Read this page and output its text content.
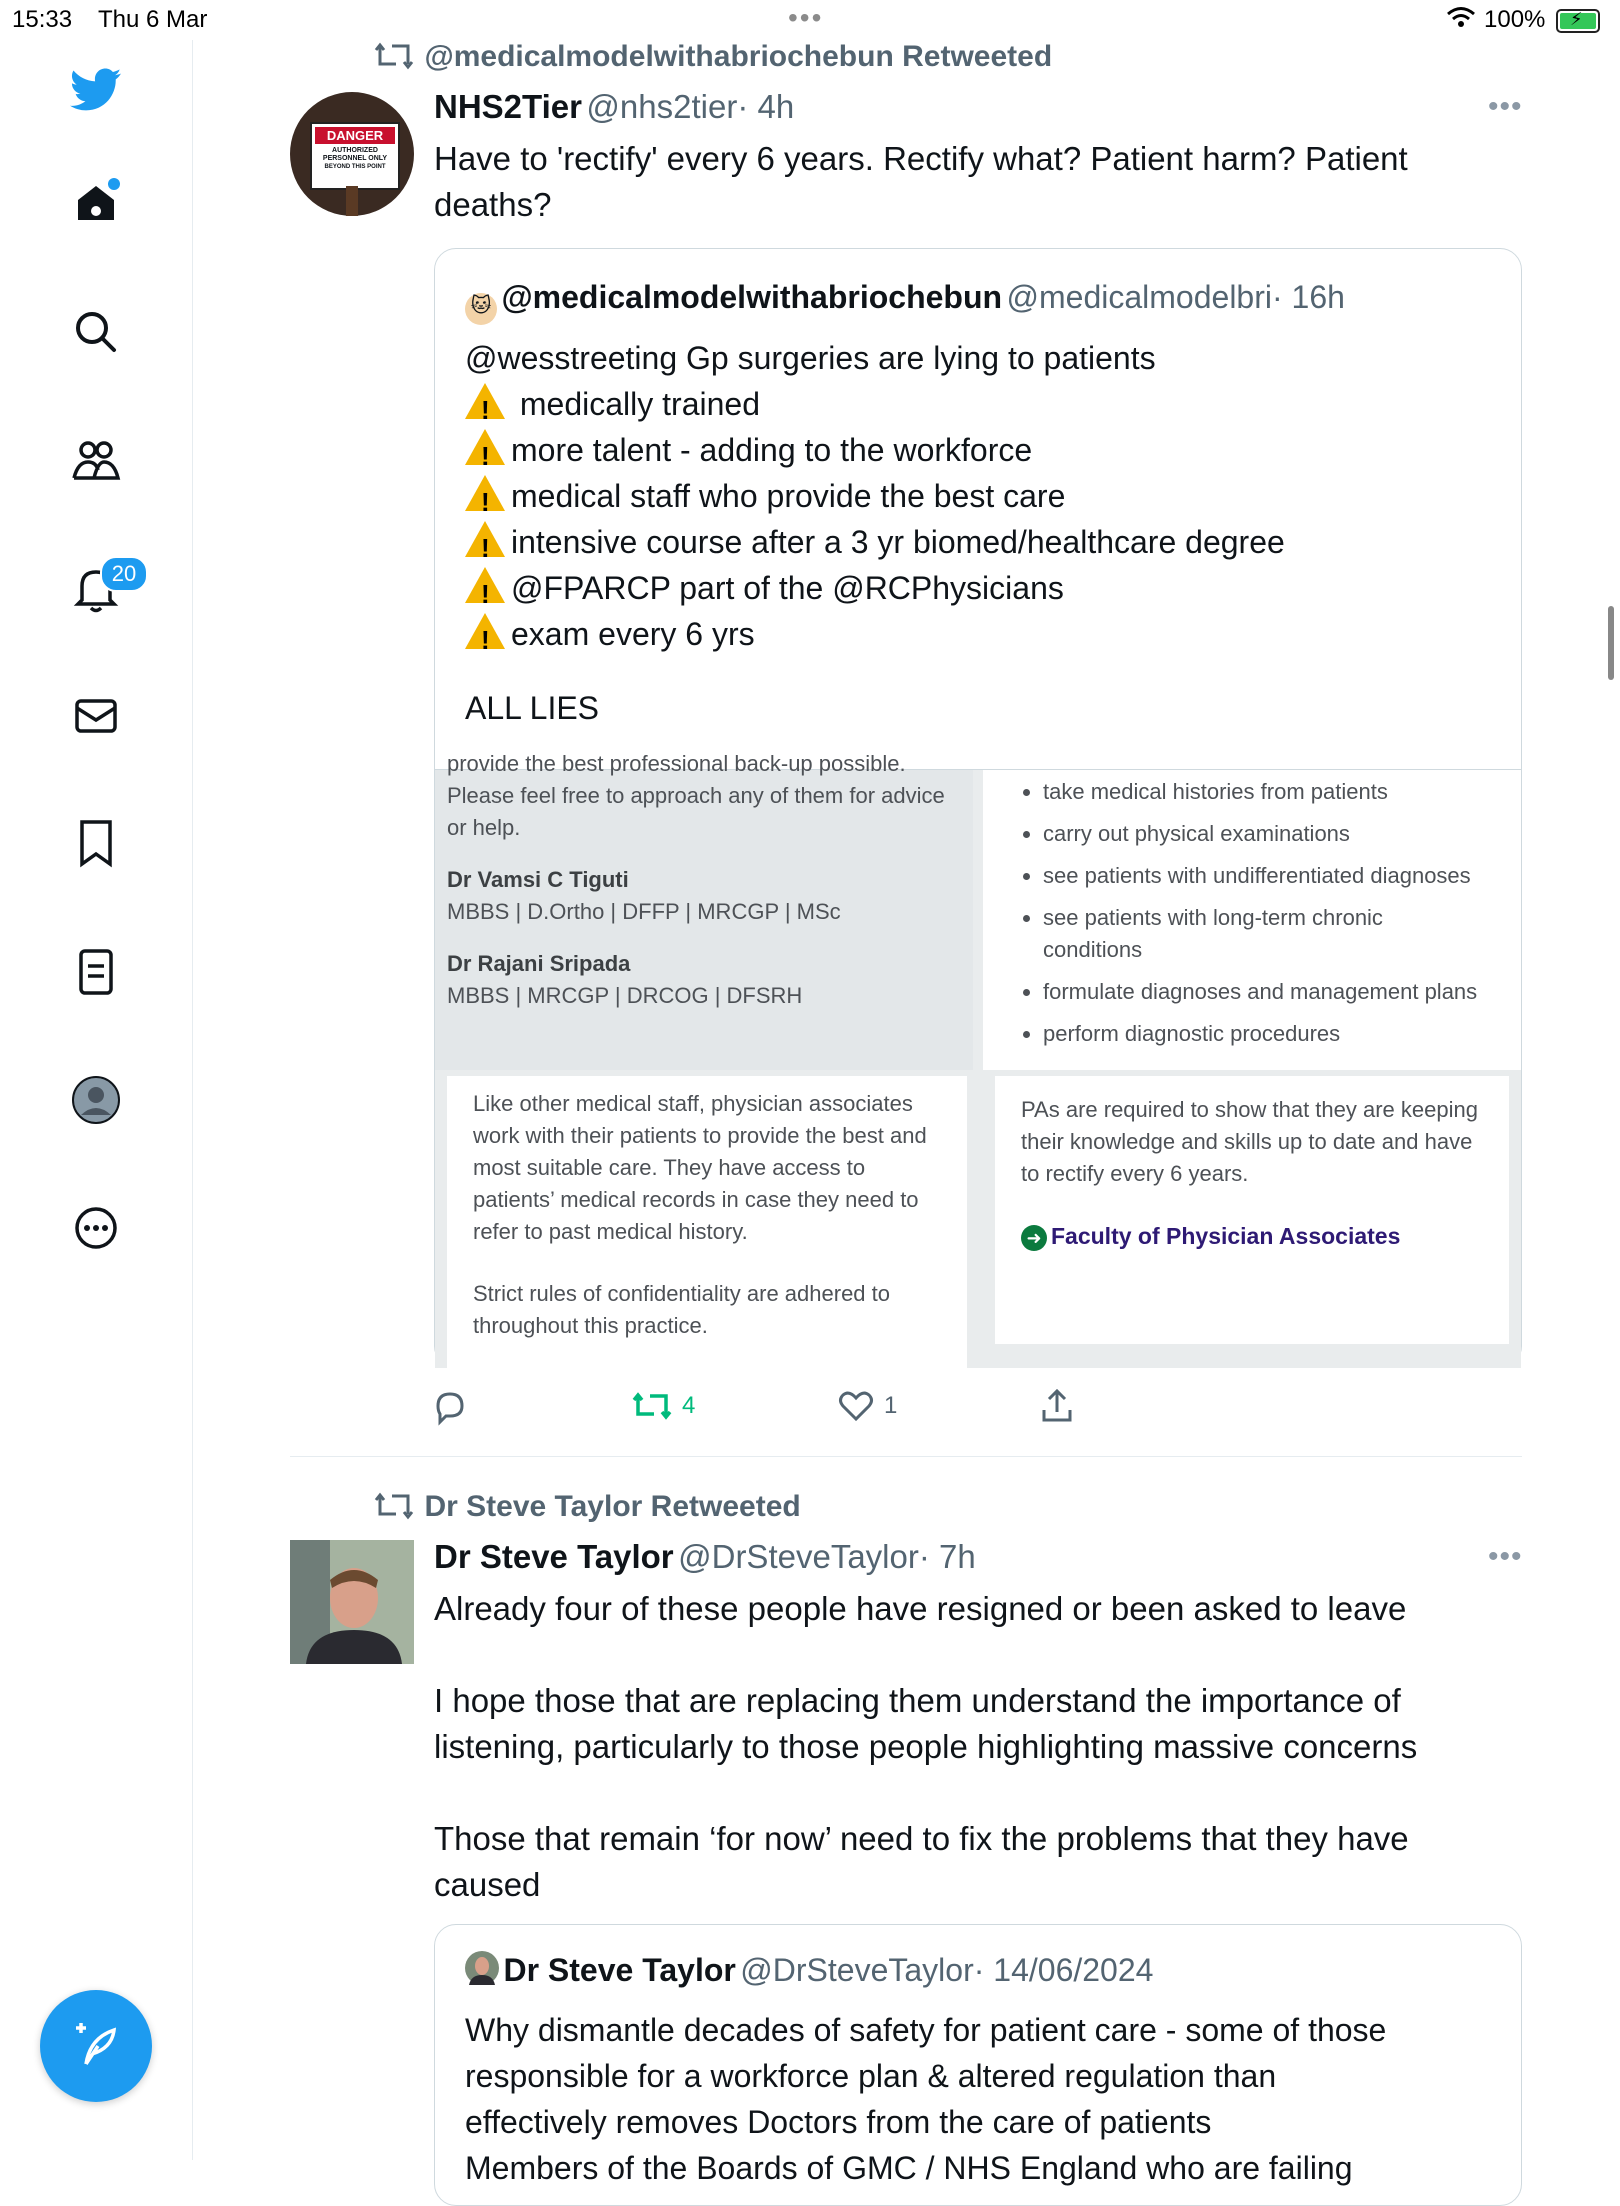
15:33 Thu 6 Mar	•••	100% ⚡
20
@medicalmodelwithabriochebun Retweeted
DANGER
AUTHORIZED
PERSONNEL ONLY
BEYOND THIS POINT
NHS2Tier @nhs2tier· 4h	•••
Have to 'rectify' every 6 years. Rectify what? Patient harm? Patient
deaths?
🐱 @medicalmodelwithabriochebun @medicalmodelbri· 16h
@wesstreeting Gp surgeries are lying to patients
! medically trained
!more talent - adding to the workforce
!medical staff who provide the best care
!intensive course after a 3 yr biomed/healthcare degree
!@FPARCP part of the @RCPhysicians
!exam every 6 yrs
ALL LIES
provide the best professional back-up possible.
Please feel free to approach any of them for advice
or help.
Dr Vamsi C Tiguti
MBBS | D.Ortho | DFFP | MRCGP | MSc
Dr Rajani Sripada
MBBS | MRCGP | DRCOG | DFSRH
• take medical histories from patients
• carry out physical examinations
• see patients with undifferentiated diagnoses
• see patients with long-term chronic conditions
• formulate diagnoses and management plans
• perform diagnostic procedures
Like other medical staff, physician associates work with their patients to provide the best and most suitable care. They have access to patients’ medical records in case they need to refer to past medical history.
Strict rules of confidentiality are adhered to throughout this practice.
PAs are required to show that they are keeping their knowledge and skills up to date and have to rectify every 6 years.
➜ Faculty of Physician Associates
4	1
Dr Steve Taylor Retweeted
Dr Steve Taylor @DrSteveTaylor· 7h	•••
Already four of these people have resigned or been asked to leave
I hope those that are replacing them understand the importance of
listening, particularly to those people highlighting massive concerns
Those that remain ‘for now’ need to fix the problems that they have
caused
Dr Steve Taylor @DrSteveTaylor· 14/06/2024
Why dismantle decades of safety for patient care - some of those
responsible for a workforce plan & altered regulation than
effectively removes Doctors from the care of patients
Members of the Boards of GMC / NHS England who are failing
